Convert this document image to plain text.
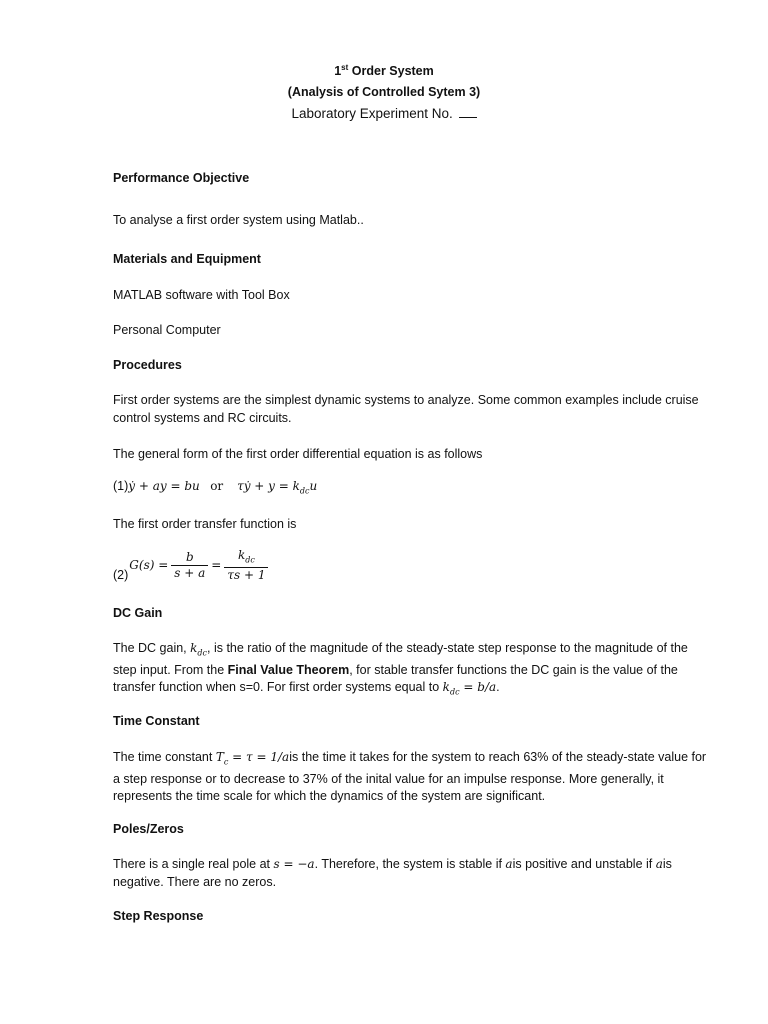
1st Order System
(Analysis of Controlled Sytem 3)
Laboratory Experiment No.
Performance Objective
To analyse a first order system using Matlab..
Materials and Equipment
MATLAB software with Tool Box
Personal Computer
Procedures
First order systems are the simplest dynamic systems to analyze. Some common examples include cruise control systems and RC circuits.
The general form of the first order differential equation is as follows
(1)ẏ + ay = bu or τẏ + $y = k_{dc}u$
The first order transfer function is
$(2)G(s) = \frac{b}{s + a} = \frac{k_{dc}}{\tau s + 1}$
DC Gain
The DC gain, $k_{dc}$, is the ratio of the magnitude of the steady-state step response to the magnitude of the step input. From the Final Value Theorem, for stable transfer functions the DC gain is the value of the transfer function when s=0. For first order systems equal to $k_{dc} = b/a$.
Time Constant
The time constant $T_c = \tau = 1/ais$ the time it takes for the system to reach 63% of the steady-state value for a step response or to decrease to 37% of the inital value for an impulse response. More generally, it represents the time scale for which the dynamics of the system are significant.
Poles/Zeros
There is a single real pole at s = −a. Therefore, the system is stable if ais positive and unstable if ais negative. There are no zeros.
Step Response
